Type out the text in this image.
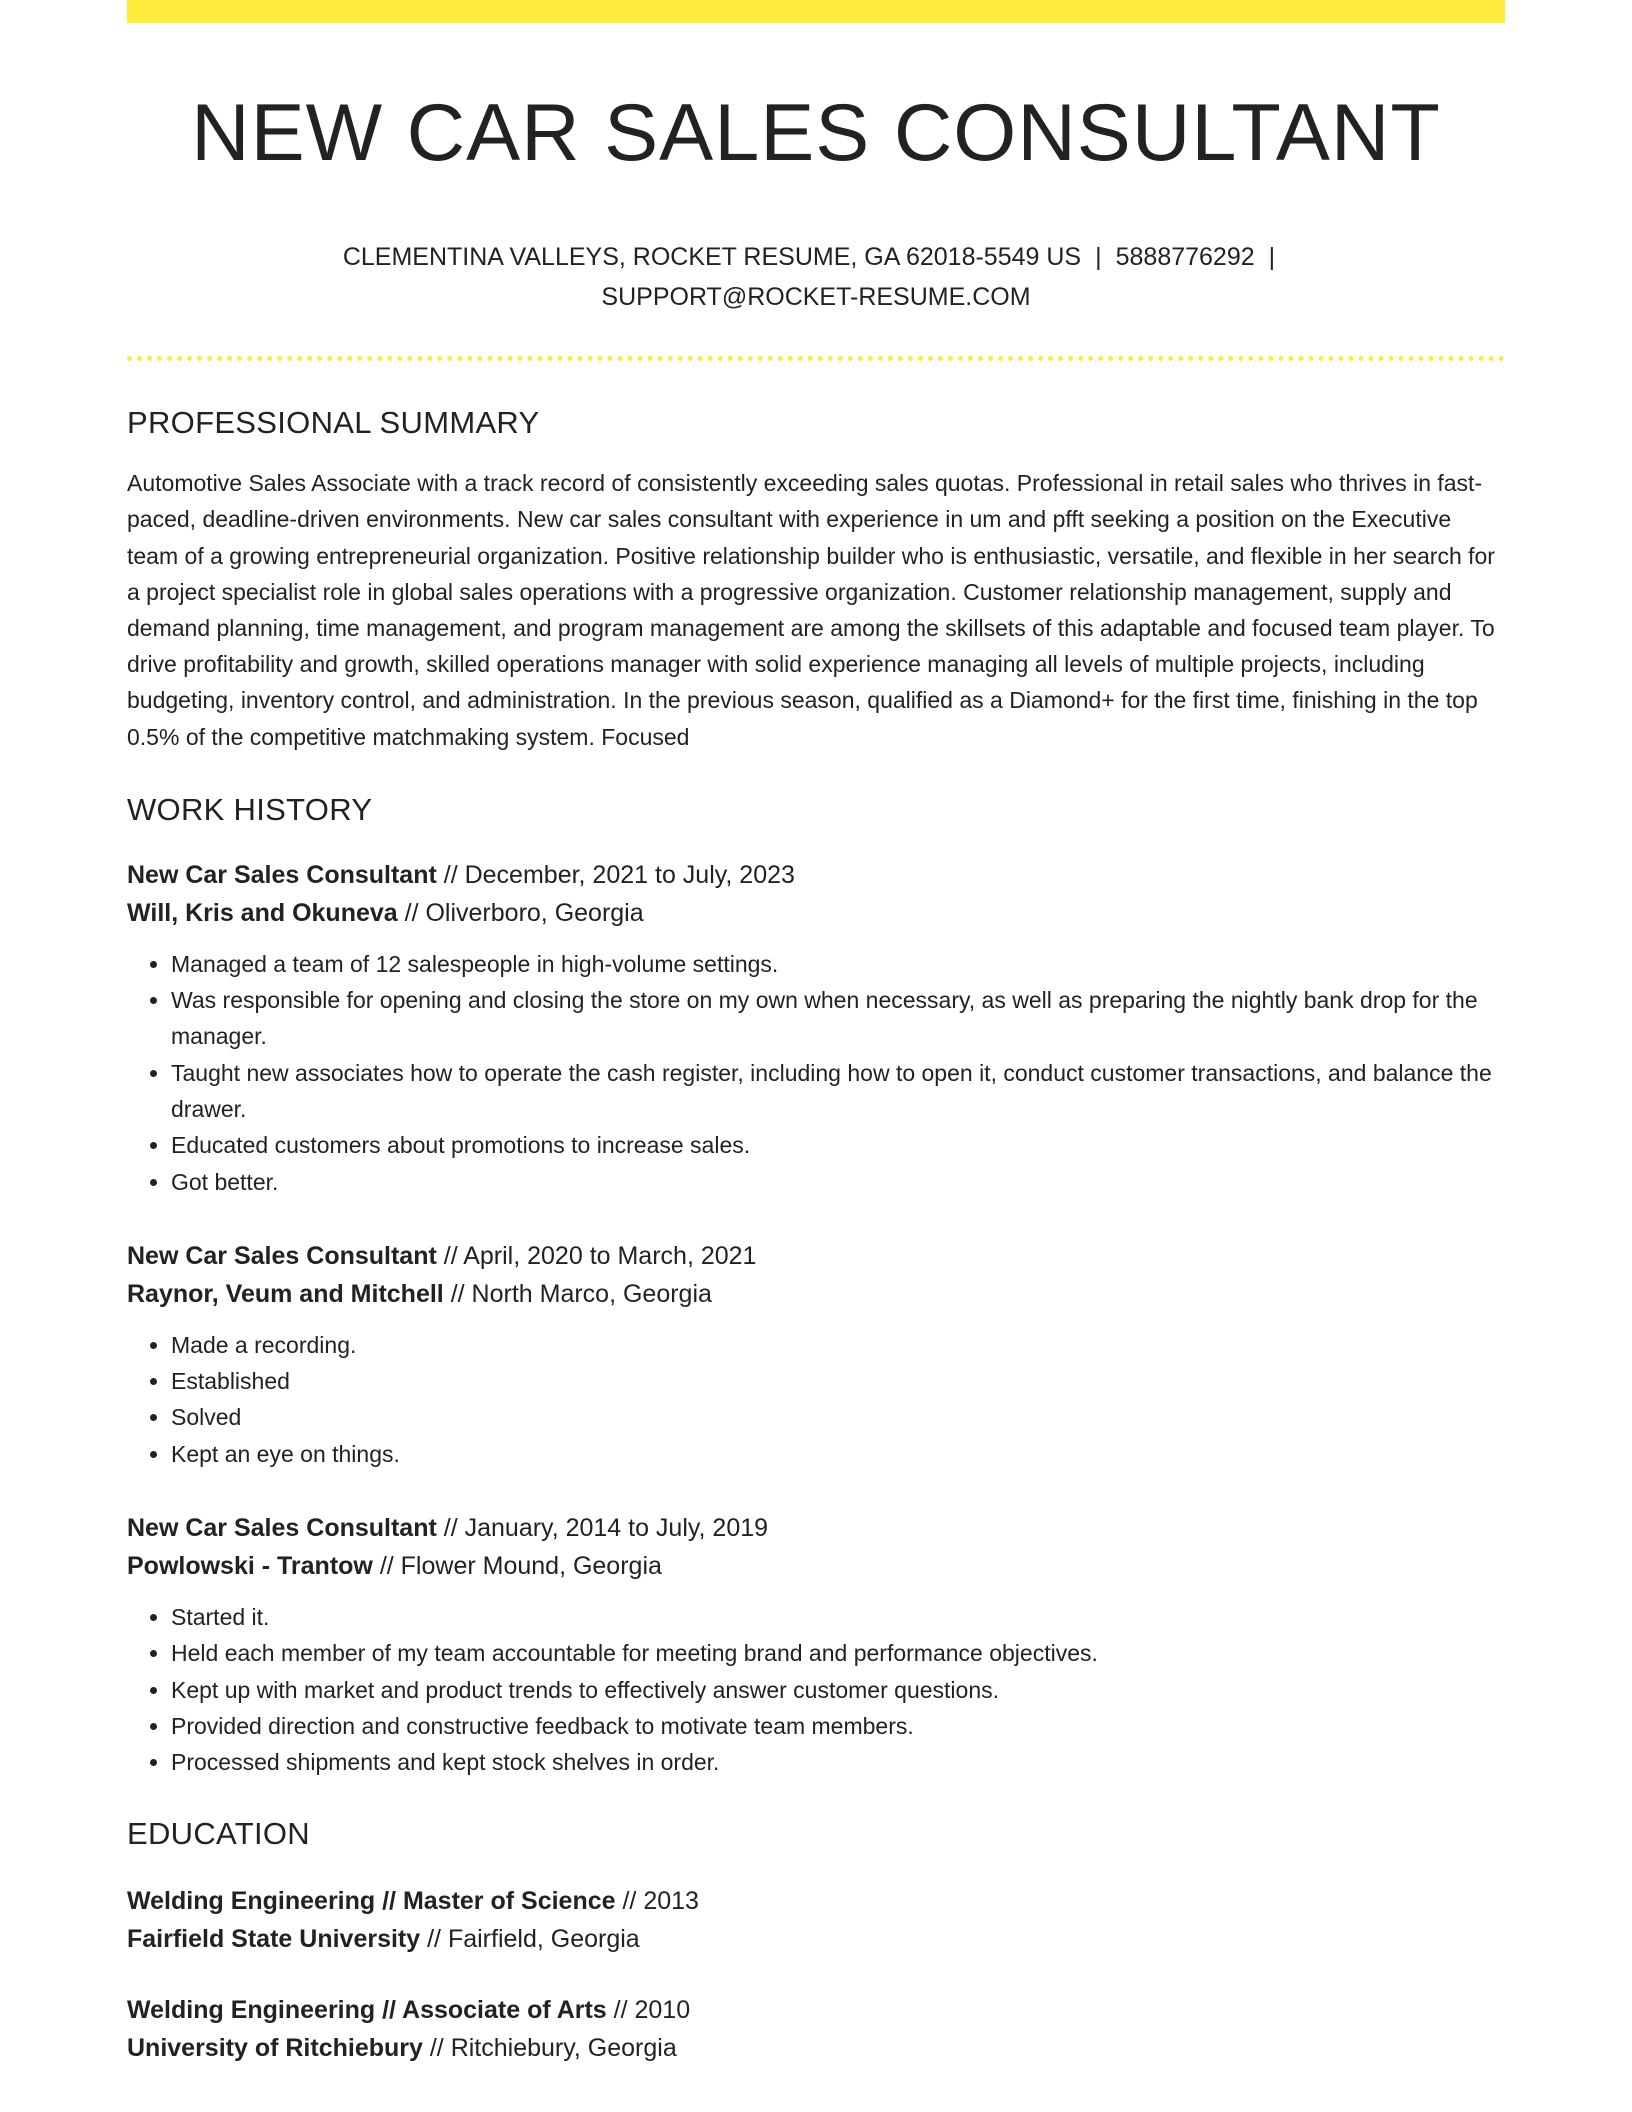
NEW CAR SALES CONSULTANT
CLEMENTINA VALLEYS, ROCKET RESUME, GA 62018-5549 US | 5888776292 |
SUPPORT@ROCKET-RESUME.COM
PROFESSIONAL SUMMARY
Automotive Sales Associate with a track record of consistently exceeding sales quotas. Professional in retail sales who thrives in fast-paced, deadline-driven environments. New car sales consultant with experience in um and pfft seeking a position on the Executive team of a growing entrepreneurial organization. Positive relationship builder who is enthusiastic, versatile, and flexible in her search for a project specialist role in global sales operations with a progressive organization. Customer relationship management, supply and demand planning, time management, and program management are among the skillsets of this adaptable and focused team player. To drive profitability and growth, skilled operations manager with solid experience managing all levels of multiple projects, including budgeting, inventory control, and administration. In the previous season, qualified as a Diamond+ for the first time, finishing in the top 0.5% of the competitive matchmaking system. Focused
WORK HISTORY
New Car Sales Consultant // December, 2021 to July, 2023
Will, Kris and Okuneva // Oliverboro, Georgia
• Managed a team of 12 salespeople in high-volume settings.
• Was responsible for opening and closing the store on my own when necessary, as well as preparing the nightly bank drop for the manager.
• Taught new associates how to operate the cash register, including how to open it, conduct customer transactions, and balance the drawer.
• Educated customers about promotions to increase sales.
• Got better.
New Car Sales Consultant // April, 2020 to March, 2021
Raynor, Veum and Mitchell // North Marco, Georgia
• Made a recording.
• Established
• Solved
• Kept an eye on things.
New Car Sales Consultant // January, 2014 to July, 2019
Powlowski - Trantow // Flower Mound, Georgia
• Started it.
• Held each member of my team accountable for meeting brand and performance objectives.
• Kept up with market and product trends to effectively answer customer questions.
• Provided direction and constructive feedback to motivate team members.
• Processed shipments and kept stock shelves in order.
EDUCATION
Welding Engineering // Master of Science // 2013
Fairfield State University // Fairfield, Georgia
Welding Engineering // Associate of Arts // 2010
University of Ritchiebury // Ritchiebury, Georgia
